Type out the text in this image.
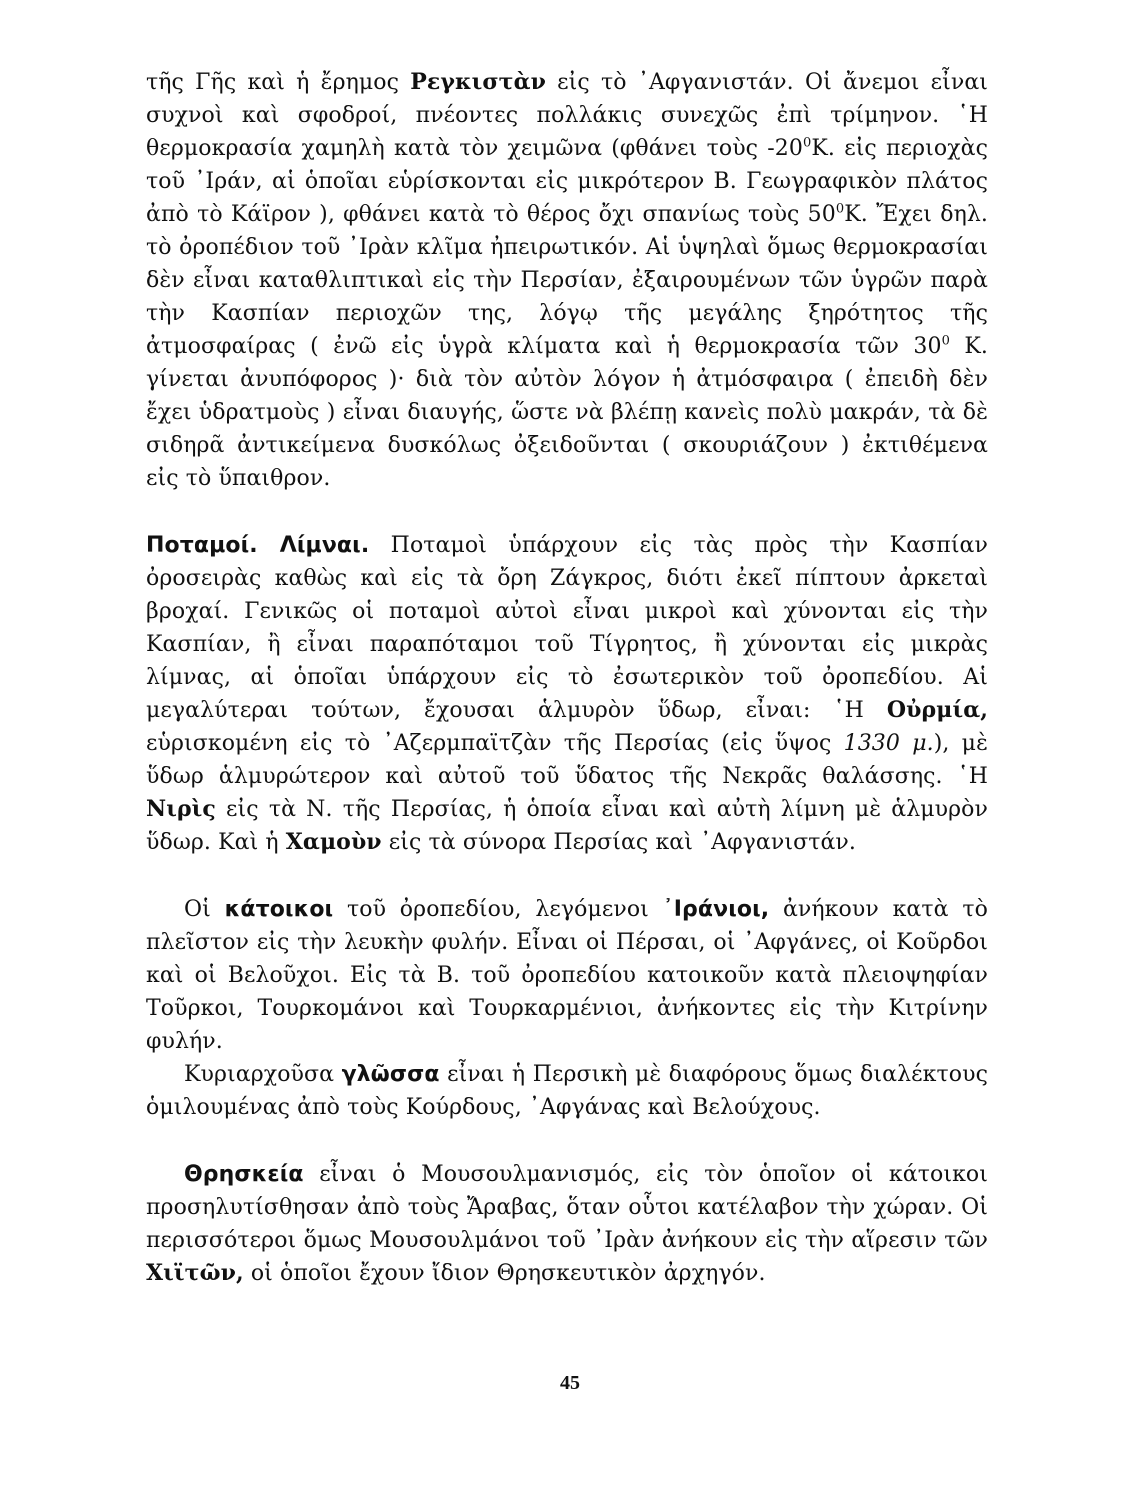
τῆς Γῆς καὶ ἡ ἔρημος Ρεγκιστὰν εἰς τὸ ᾿Αφγανιστάν. Οἱ ἄνεμοι εἶναι συχνοὶ καὶ σφοδροί, πνέοντες πολλάκις συνεχῶς ἐπὶ τρίμηνον. ῾Η θερμοκρασία χαμηλὴ κατὰ τὸν χειμῶνα (φθάνει τοὺς $-20^0K$. εἰς περιοχὰς τοῦ ᾿Ιράν, αἱ ὁποῖαι εὑρίσκονται εἰς μικρότερον Β. Γεωγραφικὸν πλάτος ἀπὸ τὸ Κάϊρον ), φθάνει κατὰ τὸ θέρος ὄχι σπανίως τοὺς $50^0K$. Ἔχει δηλ. τὸ ὀροπέδιον τοῦ ᾿Ιρὰν κλῖμα ἠπειρωτικόν. Αἱ ὑψηλαὶ ὅμως θερμοκρασίαι δὲν εἶναι καταθλιπτικαὶ εἰς τὴν Περσίαν, ἐξαιρουμένων τῶν ὑγρῶν παρὰ τὴν Κασπίαν περιοχῶν της, λόγῳ τῆς μεγάλης ξηρότητος τῆς ἀτμοσφαίρας ( ἐνῶ εἰς ὑγρὰ κλίματα καὶ ἡ θερμοκρασία τῶν $30^0$ Κ. γίνεται ἀνυπόφορος )· διὰ τὸν αὐτὸν λόγον ἡ ἀτμόσφαιρα ( ἐπειδὴ δὲν ἔχει ὑδρατμοὺς ) εἶναι διαυγής, ὥστε νὰ βλέπῃ κανεὶς πολὺ μακράν, τὰ δὲ σιδηρᾶ ἀντικείμενα δυσκόλως ὀξειδοῦνται ( σκουριάζουν ) ἐκτιθέμενα εἰς τὸ ὕπαιθρον.

Ποταμοί. Λίμναι. Ποταμοὶ ὑπάρχουν εἰς τὰς πρὸς τὴν Κασπίαν ὀροσειρὰς καθὼς καὶ εἰς τὰ ὄρη Ζάγκρος, διότι ἐκεῖ πίπτουν ἀρκεταὶ βροχαί. Γενικῶς οἱ ποταμοὶ αὐτοὶ εἶναι μικροὶ καὶ χύνονται εἰς τὴν Κασπίαν, ἢ εἶναι παραπόταμοι τοῦ Τίγρητος, ἢ χύνονται εἰς μικρὰς λίμνας, αἱ ὁποῖαι ὑπάρχουν εἰς τὸ ἐσωτερικὸν τοῦ ὀροπεδίου. Αἱ μεγαλύτεραι τούτων, ἔχουσαι ἁλμυρὸν ὕδωρ, εἶναι: ῾Η Οὐρμία, εὑρισκομένη εἰς τὸ ᾿Αζερμπαϊτζὰν τῆς Περσίας (εἰς ὕψος 1330 μ.), μὲ ὕδωρ ἁλμυρώτερον καὶ αὐτοῦ τοῦ ὕδατος τῆς Νεκρᾶς θαλάσσης. ῾Η Νιρὶς εἰς τὰ Ν. τῆς Περσίας, ἡ ὁποία εἶναι καὶ αὐτὴ λίμνη μὲ ἁλμυρὸν ὕδωρ. Καὶ ἡ Χαμοὺν εἰς τὰ σύνορα Περσίας καὶ ᾿Αφγανιστάν.

Οἱ κάτοικοι τοῦ ὀροπεδίου, λεγόμενοι ᾿Ιράνιοι, ἀνήκουν κατὰ τὸ πλεῖστον εἰς τὴν λευκὴν φυλήν. Εἶναι οἱ Πέρσαι, οἱ ᾿Αφγάνες, οἱ Κοῦρδοι καὶ οἱ Βελοῦχοι. Εἰς τὰ Β. τοῦ ὀροπεδίου κατοικοῦν κατὰ πλειοψηφίαν Τοῦρκοι, Τουρκομάνοι καὶ Τουρκαρμένιοι, ἀνήκοντες εἰς τὴν Κιτρίνην φυλήν.

Κυριαρχοῦσα γλῶσσα εἶναι ἡ Περσικὴ μὲ διαφόρους ὅμως διαλέκτους ὁμιλουμένας ἀπὸ τοὺς Κούρδους, ᾿Αφγάνας καὶ Βελούχους.

Θρησκεία εἶναι ὁ Μουσουλμανισμός, εἰς τὸν ὁποῖον οἱ κάτοικοι προσηλυτίσθησαν ἀπὸ τοὺς Ἄραβας, ὅταν οὗτοι κατέλαβον τὴν χώραν. Οἱ περισσότεροι ὅμως Μουσουλμάνοι τοῦ ᾿Ιρὰν ἀνήκουν εἰς τὴν αἵρεσιν τῶν Χιϊτῶν, οἱ ὁποῖοι ἔχουν ἴδιον Θρησκευτικὸν ἀρχηγόν.

45
